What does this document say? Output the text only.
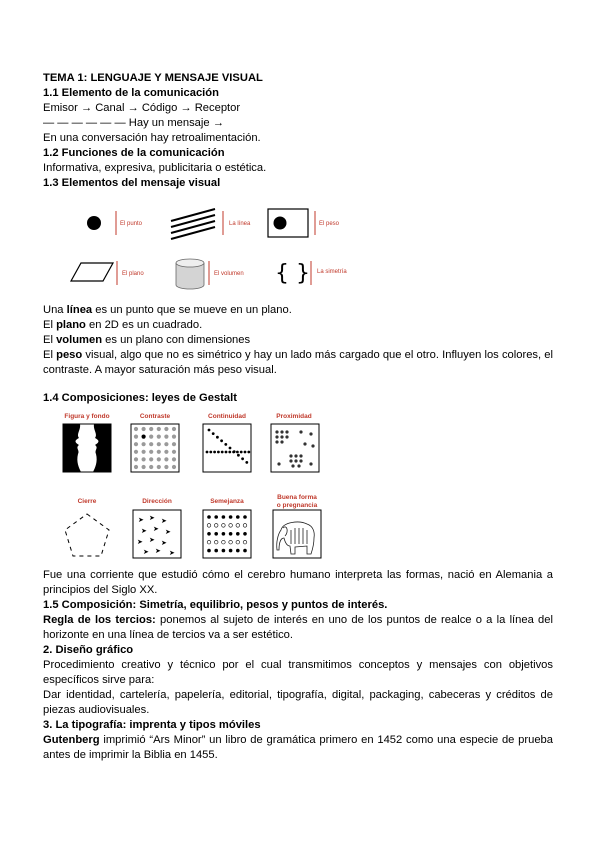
TEMA 1: LENGUAJE Y MENSAJE VISUAL
1.1 Elemento de la comunicación

Emisor → Canal → Código → Receptor

— — — — — — Hay un mensaje →

En una conversación hay retroalimentación.

1.2 Funciones de la comunicación

Informativa, expresiva, publicitaria o estética.

1.3 Elementos del mensaje visual
El punto	La línea	El peso
El plano	El volumen { } La simetría

Una línea es un punto que se mueve en un plano.

El plano en 2D es un cuadrado.

El volumen es un plano con dimensiones

El peso visual, algo que no es simétrico y hay un lado más cargado que el otro. Influyen los colores, el contraste. A mayor saturación más peso visual.

1.4 Composiciones: leyes de Gestalt
Figura y fondo	Contraste	Continuidad	Proximidad
Cierre	Dirección	Semejanza
Buena forma
o pregnancia
➤ ➤ ➤
➤ ➤ ➤
➤ ➤ ➤
➤ ➤ ➤

Fue una corriente que estudió cómo el cerebro humano interpreta las formas, nació en Alemania a principios del Siglo XX.

1.5 Composición: Simetría, equilibrio, pesos y puntos de interés.

Regla de los tercios: ponemos al sujeto de interés en uno de los puntos de realce o a la línea del horizonte en una línea de tercios va a ser estético.

2. Diseño gráfico

Procedimiento creativo y técnico por el cual transmitimos conceptos y mensajes con objetivos específicos sirve para:

Dar identidad, cartelería, papelería, editorial, tipografía, digital, packaging, cabeceras y créditos de piezas audiovisuales.

3. La tipografía: imprenta y tipos móviles

Gutenberg imprimió “Ars Minor” un libro de gramática primero en 1452 como una especie de prueba antes de imprimir la Biblia en 1455.
